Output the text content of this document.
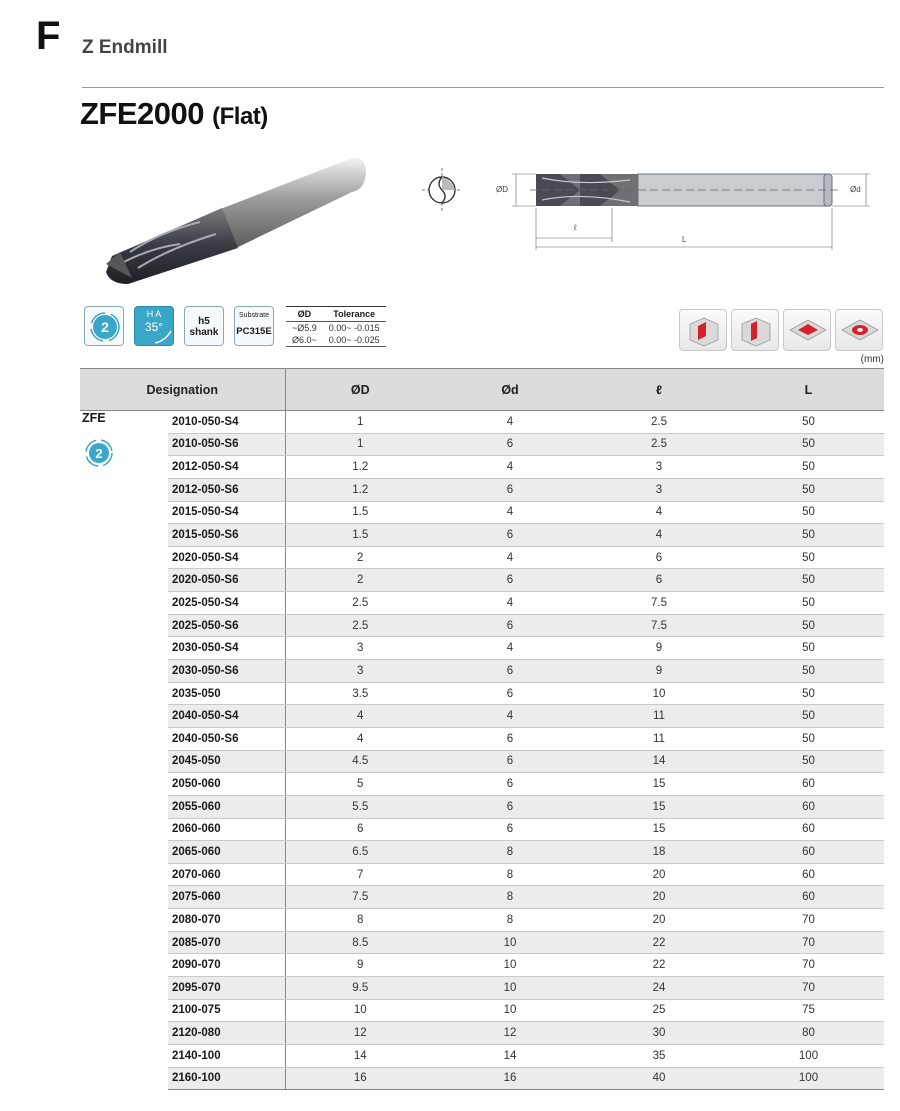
F Z Endmill
ZFE2000 (Flat)
ØD	Ød
ℓ
L
2
H A
35°	h5
shank
Substrate
PC315E
ØD	Tolerance
~Ø5.9	0.00~ -0.015
Ø6.0~	0.00~ -0.025
(mm)
Designation		ØD	Ød	ℓ	L
ZFE
2	2010-050-S4	1	4	2.5	50
	2010-050-S6	1	6	2.5	50
	2012-050-S4	1.2	4	3	50
	2012-050-S6	1.2	6	3	50
	2015-050-S4	1.5	4	4	50
	2015-050-S6	1.5	6	4	50
	2020-050-S4	2	4	6	50
	2020-050-S6	2	6	6	50
	2025-050-S4	2.5	4	7.5	50
	2025-050-S6	2.5	6	7.5	50
	2030-050-S4	3	4	9	50
	2030-050-S6	3	6	9	50
	2035-050	3.5	6	10	50
	2040-050-S4	4	4	11	50
	2040-050-S6	4	6	11	50
	2045-050	4.5	6	14	50
	2050-060	5	6	15	60
	2055-060	5.5	6	15	60
	2060-060	6	6	15	60
	2065-060	6.5	8	18	60
	2070-060	7	8	20	60
	2075-060	7.5	8	20	60
	2080-070	8	8	20	70
	2085-070	8.5	10	22	70
	2090-070	9	10	22	70
	2095-070	9.5	10	24	70
	2100-075	10	10	25	75
	2120-080	12	12	30	80
	2140-100	14	14	35	100
	2160-100	16	16	40	100
